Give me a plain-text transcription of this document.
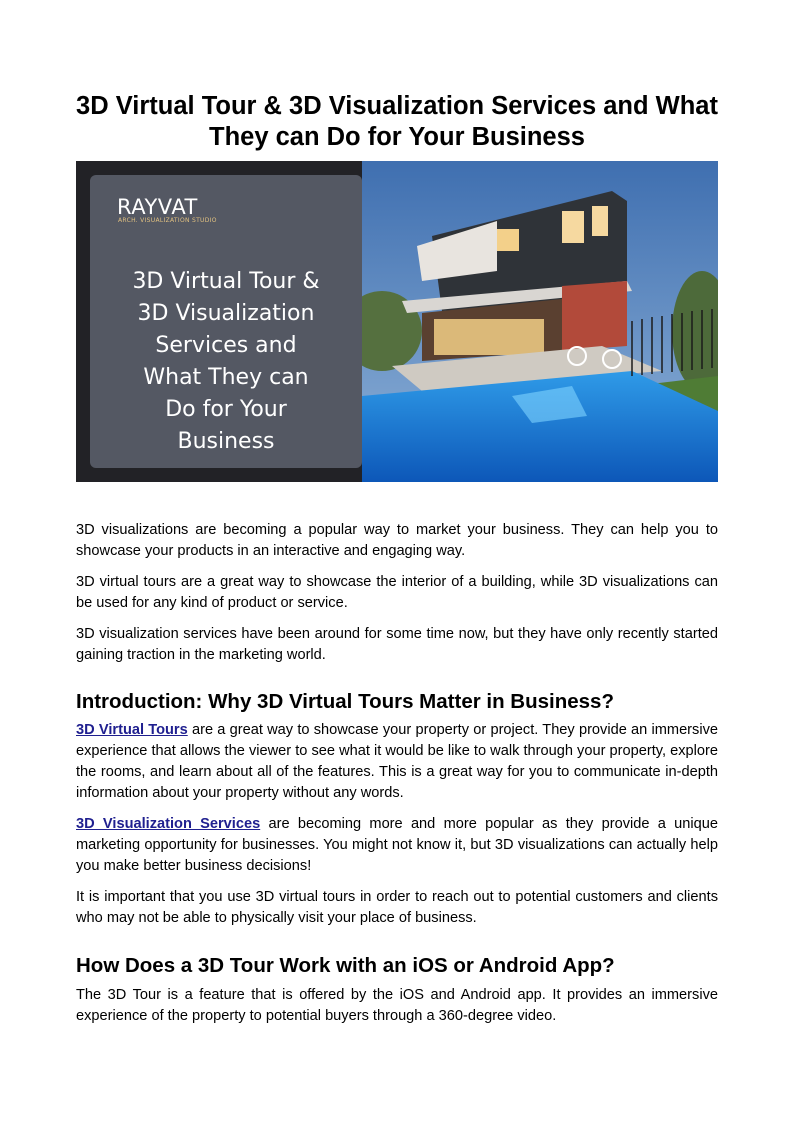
3D Virtual Tour & 3D Visualization Services and What They can Do for Your Business
RAYVAT
ARCH. VISUALIZATION STUDIO
3D Virtual Tour &
3D Visualization
Services and
What They can
Do for Your
Business

3D visualizations are becoming a popular way to market your business. They can help you to showcase your products in an interactive and engaging way.

3D virtual tours are a great way to showcase the interior of a building, while 3D visualizations can be used for any kind of product or service.

3D visualization services have been around for some time now, but they have only recently started gaining traction in the marketing world.

Introduction: Why 3D Virtual Tours Matter in Business?

3D Virtual Tours are a great way to showcase your property or project. They provide an immersive experience that allows the viewer to see what it would be like to walk through your property, explore the rooms, and learn about all of the features. This is a great way for you to communicate in-depth information about your property without any words.

3D Visualization Services are becoming more and more popular as they provide a unique marketing opportunity for businesses. You might not know it, but 3D visualizations can actually help you make better business decisions!

It is important that you use 3D virtual tours in order to reach out to potential customers and clients who may not be able to physically visit your place of business.

How Does a 3D Tour Work with an iOS or Android App?

The 3D Tour is a feature that is offered by the iOS and Android app. It provides an immersive experience of the property to potential buyers through a 360-degree video.
